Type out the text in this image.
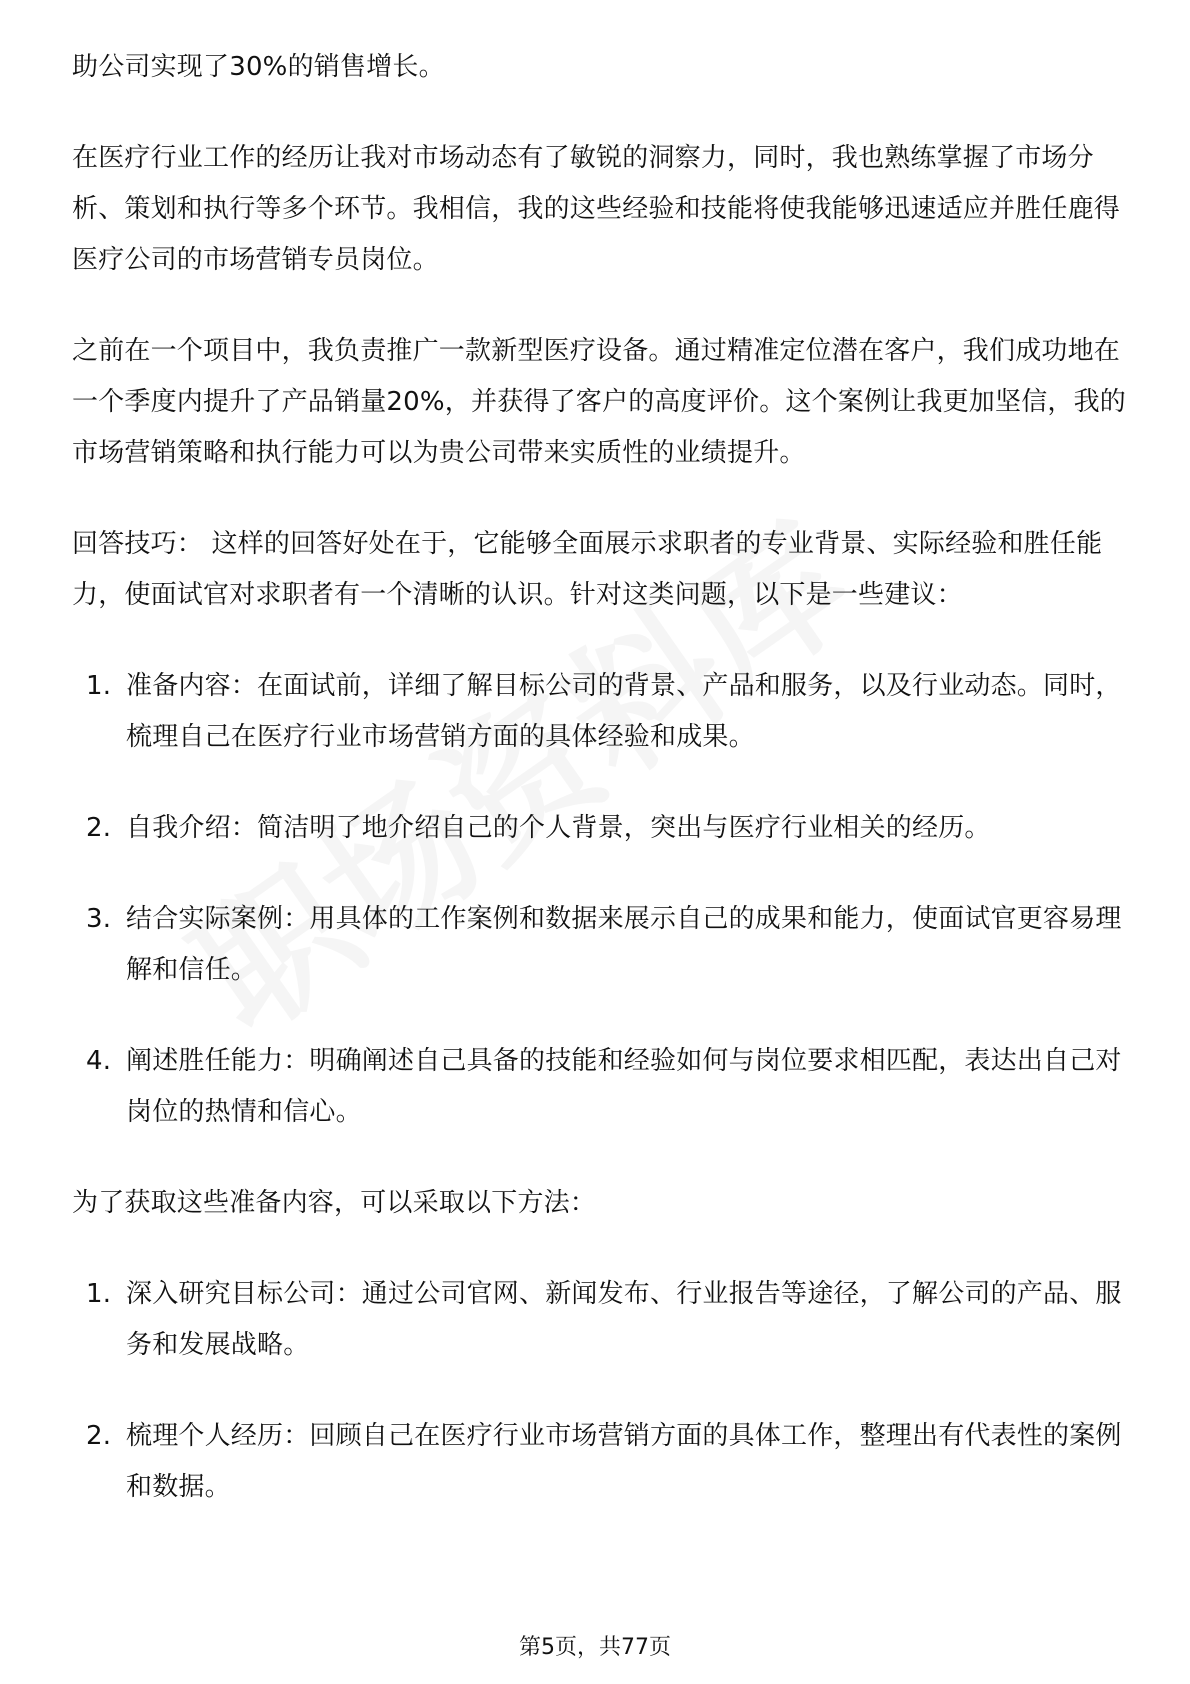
助公司实现了30%的销售增长。

在医疗行业工作的经历让我对市场动态有了敏锐的洞察力，同时，我也熟练掌握了市场分析、策划和执行等多个环节。我相信，我的这些经验和技能将使我能够迅速适应并胜任鹿得医疗公司的市场营销专员岗位。

之前在一个项目中，我负责推广一款新型医疗设备。通过精准定位潜在客户，我们成功地在一个季度内提升了产品销量20%，并获得了客户的高度评价。这个案例让我更加坚信，我的市场营销策略和执行能力可以为贵公司带来实质性的业绩提升。

回答技巧： 这样的回答好处在于，它能够全面展示求职者的专业背景、实际经验和胜任能力，使面试官对求职者有一个清晰的认识。针对这类问题，以下是一些建议：

1. 准备内容：在面试前，详细了解目标公司的背景、产品和服务，以及行业动态。同时，梳理自己在医疗行业市场营销方面的具体经验和成果。
2. 自我介绍：简洁明了地介绍自己的个人背景，突出与医疗行业相关的经历。
3. 结合实际案例：用具体的工作案例和数据来展示自己的成果和能力，使面试官更容易理解和信任。
4. 阐述胜任能力：明确阐述自己具备的技能和经验如何与岗位要求相匹配，表达出自己对岗位的热情和信心。

为了获取这些准备内容，可以采取以下方法：

1. 深入研究目标公司：通过公司官网、新闻发布、行业报告等途径，了解公司的产品、服务和发展战略。
2. 梳理个人经历：回顾自己在医疗行业市场营销方面的具体工作，整理出有代表性的案例和数据。
第5页，共77页
